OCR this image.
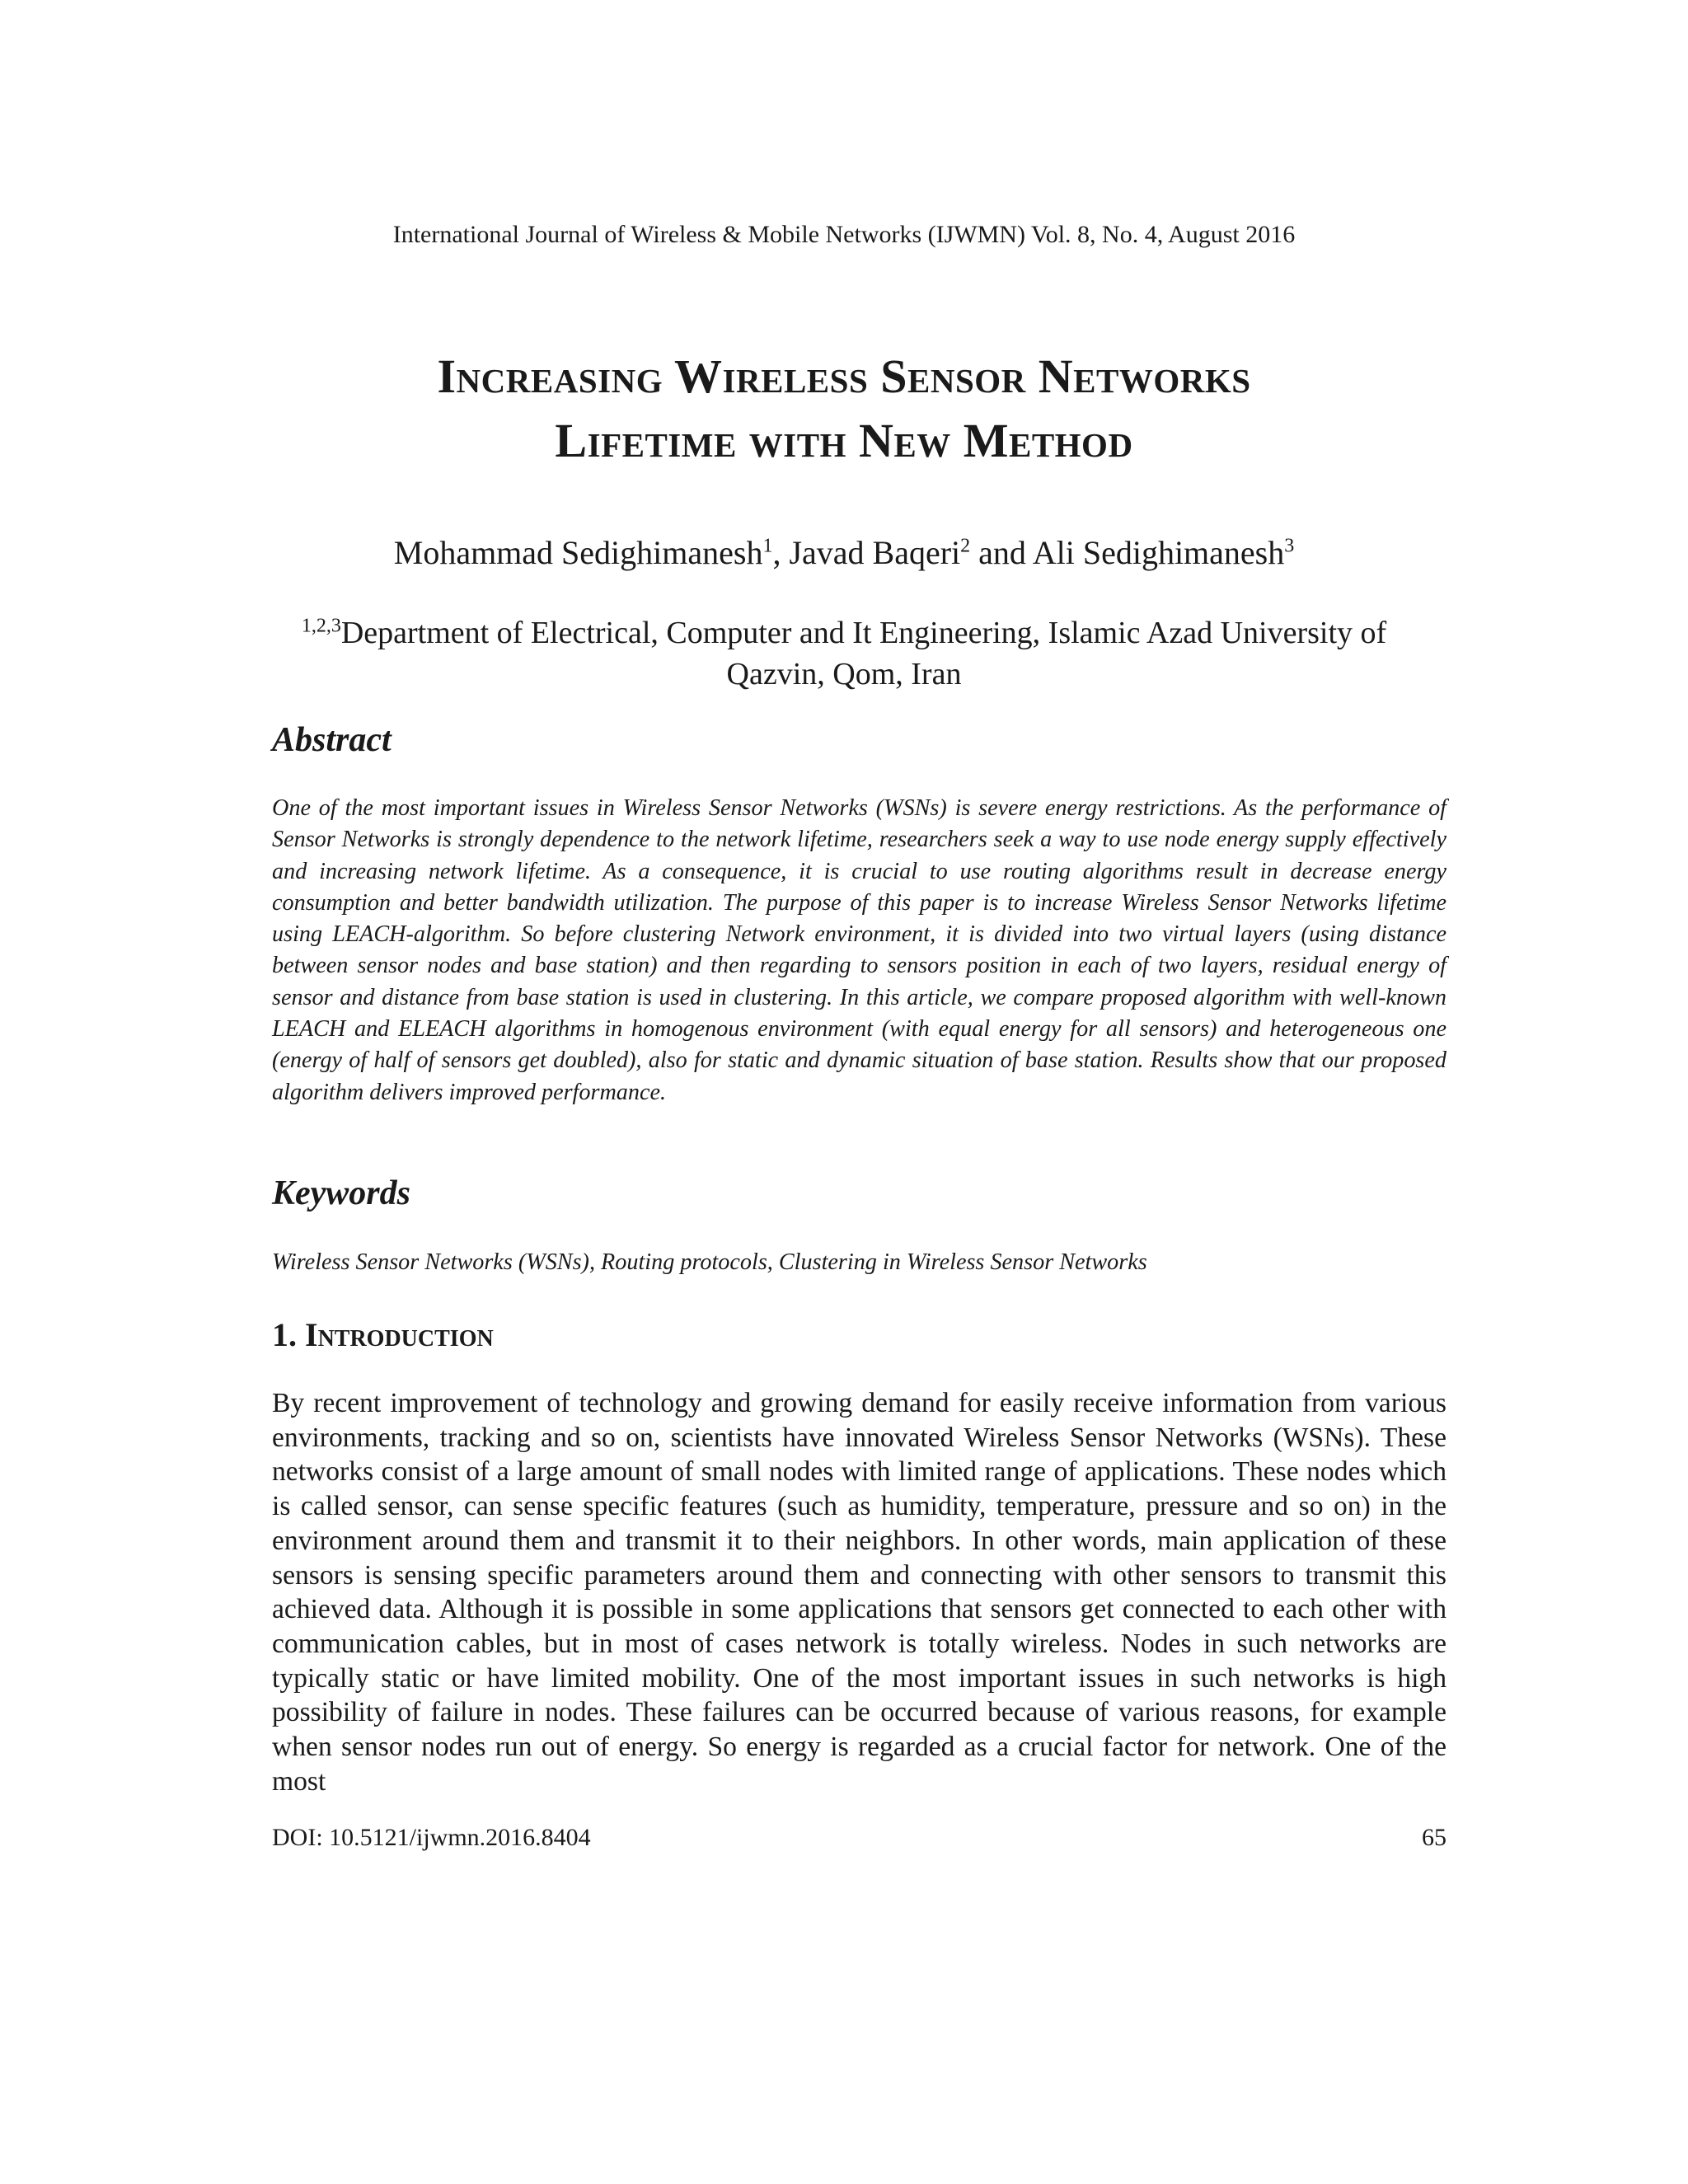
International Journal of Wireless & Mobile Networks (IJWMN) Vol. 8, No. 4, August 2016
Increasing Wireless Sensor Networks
Lifetime with New Method
Mohammad Sedighimanesh$^1$, Javad Baqeri$^2$ and Ali Sedighimanesh$^3$
$^{1,2,3}$Department of Electrical, Computer and It Engineering, Islamic Azad University of
Qazvin, Qom, Iran
Abstract
One of the most important issues in Wireless Sensor Networks (WSNs) is severe energy restrictions. As the performance of Sensor Networks is strongly dependence to the network lifetime, researchers seek a way to use node energy supply effectively and increasing network lifetime. As a consequence, it is crucial to use routing algorithms result in decrease energy consumption and better bandwidth utilization. The purpose of this paper is to increase Wireless Sensor Networks lifetime using LEACH-algorithm. So before clustering Network environment, it is divided into two virtual layers (using distance between sensor nodes and base station) and then regarding to sensors position in each of two layers, residual energy of sensor and distance from base station is used in clustering. In this article, we compare proposed algorithm with well-known LEACH and ELEACH algorithms in homogenous environment (with equal energy for all sensors) and heterogeneous one (energy of half of sensors get doubled), also for static and dynamic situation of base station. Results show that our proposed algorithm delivers improved performance.
Keywords
Wireless Sensor Networks (WSNs), Routing protocols, Clustering in Wireless Sensor Networks
1. Introduction
By recent improvement of technology and growing demand for easily receive information from various environments, tracking and so on, scientists have innovated Wireless Sensor Networks (WSNs). These networks consist of a large amount of small nodes with limited range of applications. These nodes which is called sensor, can sense specific features (such as humidity, temperature, pressure and so on) in the environment around them and transmit it to their neighbors. In other words, main application of these sensors is sensing specific parameters around them and connecting with other sensors to transmit this achieved data. Although it is possible in some applications that sensors get connected to each other with communication cables, but in most of cases network is totally wireless. Nodes in such networks are typically static or have limited mobility. One of the most important issues in such networks is high possibility of failure in nodes. These failures can be occurred because of various reasons, for example when sensor nodes run out of energy. So energy is regarded as a crucial factor for network. One of the most
DOI: 10.5121/ijwmn.2016.8404	65
